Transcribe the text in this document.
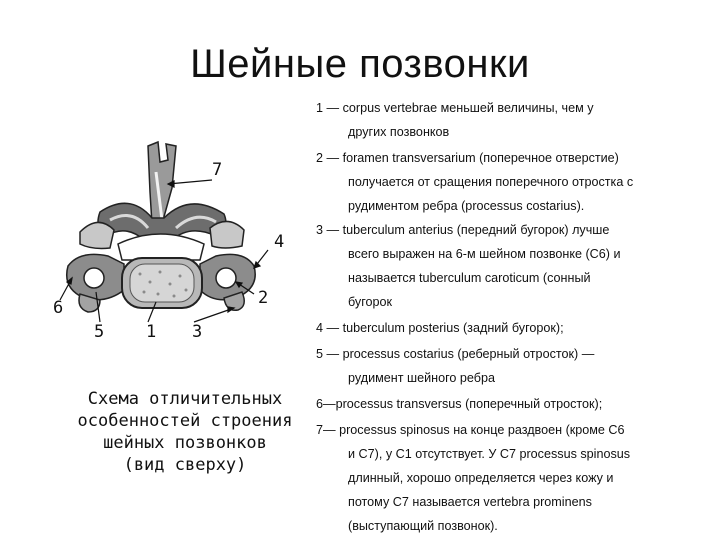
Шейные позвонки
7
4
2
6
5 1 3
Схема отличительных
особенностей строения
шейных позвонков
(вид сверху)
1 — corpus vertebrae меньшей величины, чем у
других позвонков
2 — foramen transversarium (поперечное отверстие)
получается от сращения поперечного отростка с
рудиментом ребра (processus costarius).
3 — tuberculum anterius (передний бугорок) лучше
всего выражен на 6-м шейном позвонке (С6) и
называется tuberculum caroticum (сонный
бугорок
4 — tuberculum posterius (задний бугорок);
5 — processus costarius (реберный отросток) —
рудимент шейного ребра
6—processus transversus (поперечный отросток);
7— processus spinosus на конце раздвоен (кроме С6
и С7), у С1 отсутствует. У С7 processus spinosus
длинный, хорошо определяется через кожу и
потому С7 называется vertebra prominens
(выступающий позвонок).
